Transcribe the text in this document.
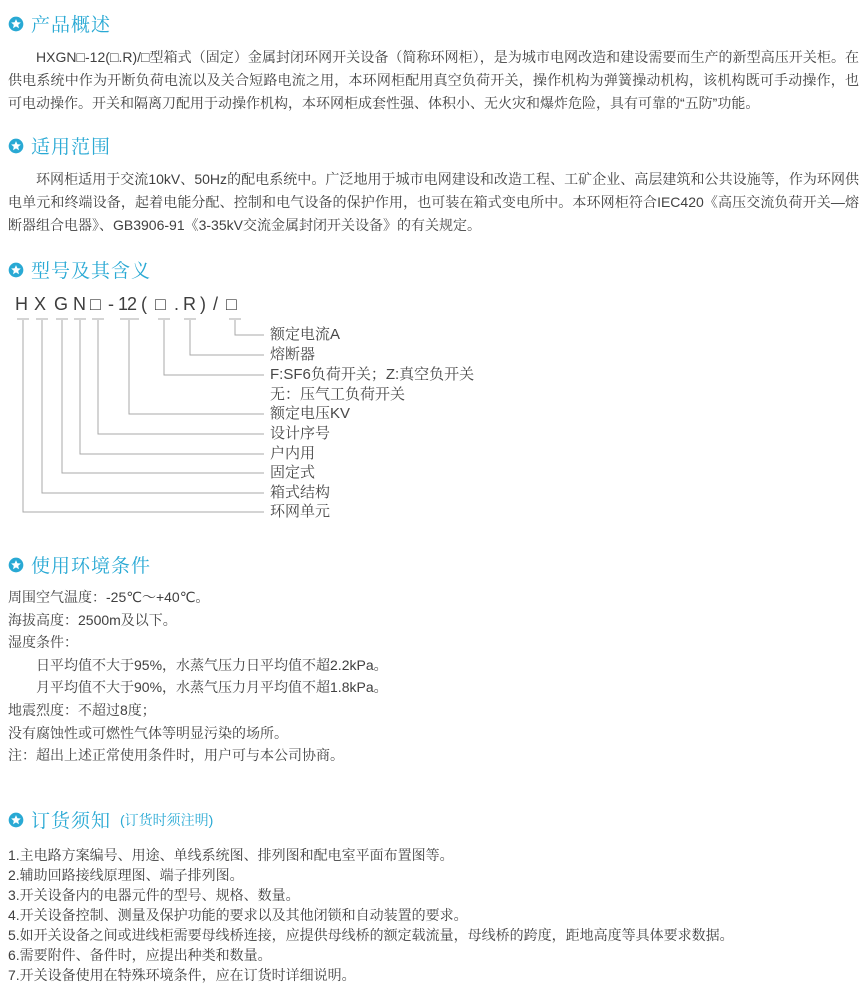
产品概述

HXGN□-12(□.R)/□型箱式（固定）金属封闭环网开关设备（简称环网柜），是为城市电网改造和建设需要而生产的新型高压开关柜。在供电系统中作为开断负荷电流以及关合短路电流之用，本环网柜配用真空负荷开关，操作机构为弹簧操动机构，该机构既可手动操作，也可电动操作。开关和隔离刀配用于动操作机构，本环网柜成套性强、体积小、无火灾和爆炸危险，具有可靠的“五防”功能。

适用范围

环网柜适用于交流10kV、50Hz的配电系统中。广泛地用于城市电网建设和改造工程、工矿企业、高层建筑和公共设施等，作为环网供电单元和终端设备，起着电能分配、控制和电气设备的保护作用，也可装在箱式变电所中。本环网柜符合IEC420《高压交流负荷开关—熔断器组合电器》、GB3906-91《3-35kV交流金属封闭开关设备》的有关规定。

型号及其含义
H X G N □ - 1
2 ( □ . R ) / □
额定电流A
熔断器
F:SF6负荷开关；Z:真空负开关
无：压气工负荷开关
额定电压KV
设计序号
户内用
固定式
箱式结构
环网单元
使用环境条件
周围空气温度：-25℃～+40℃。
海拔高度：2500m及以下。
湿度条件：
日平均值不大于95%，水蒸气压力日平均值不超2.2kPa。
月平均值不大于90%，水蒸气压力月平均值不超1.8kPa。
地震烈度：不超过8度；
没有腐蚀性或可燃性气体等明显污染的场所。
注：超出上述正常使用条件时，用户可与本公司协商。
订货须知 (订货时须注明)
1.主电路方案编号、用途、单线系统图、排列图和配电室平面布置图等。
2.辅助回路接线原理图、端子排列图。
3.开关设备内的电器元件的型号、规格、数量。
4.开关设备控制、测量及保护功能的要求以及其他闭锁和自动装置的要求。
5.如开关设备之间或进线柜需要母线桥连接，应提供母线桥的额定载流量，母线桥的跨度，距地高度等具体要求数据。
6.需要附件、备件时，应提出种类和数量。
7.开关设备使用在特殊环境条件，应在订货时详细说明。
